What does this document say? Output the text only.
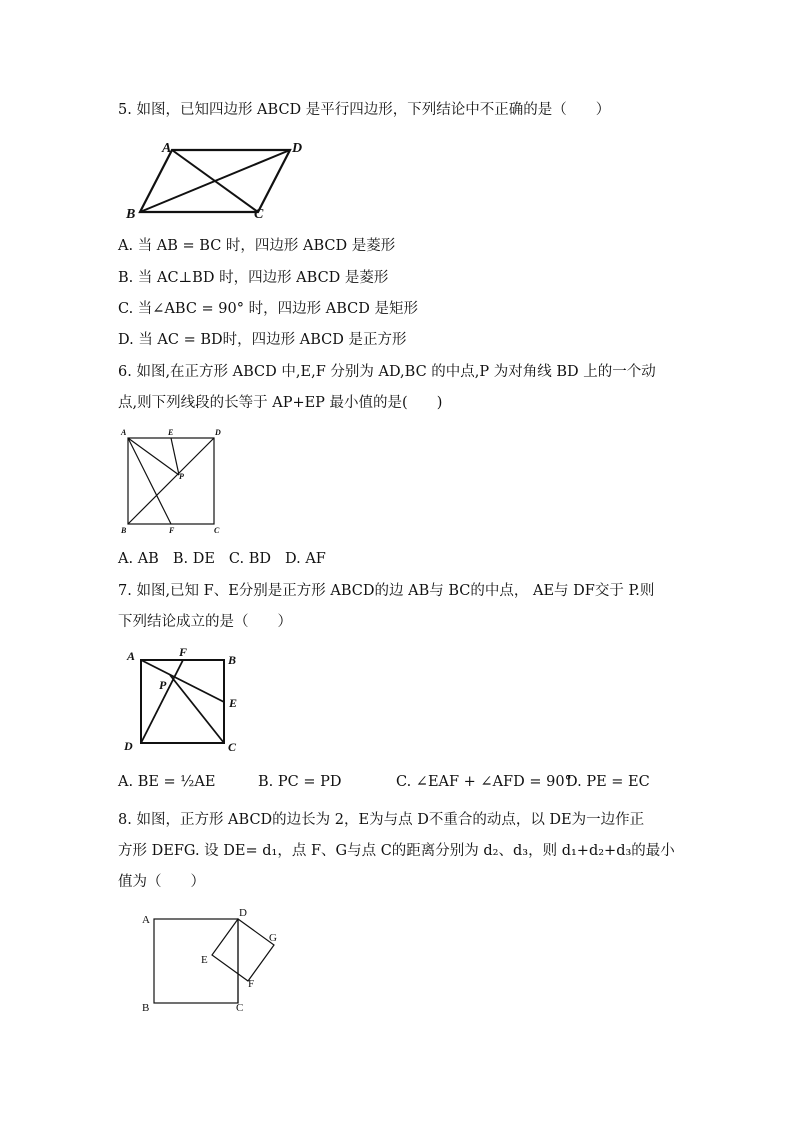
5. 如图，已知四边形 ABCD 是平行四边形，下列结论中不正确的是（　　）
A	D
B	C
A. 当 AB = BC 时，四边形 ABCD 是菱形
B. 当 AC⊥BD 时，四边形 ABCD 是菱形
C. 当∠ABC = 90° 时，四边形 ABCD 是矩形
D. 当 AC = BD时，四边形 ABCD 是正方形
6. 如图,在正方形 ABCD 中,E,F 分别为 AD,BC 的中点,P 为对角线 BD 上的一个动
点,则下列线段的长等于 AP+EP 最小值的是(　　)
A	E	D
P
B	F	C
A. AB B. DE C. BD D. AF
7. 如图,已知 F、E分别是正方形 ABCD的边 AB与 BC的中点， AE与 DF交于 P.则
下列结论成立的是（　　）
A	F
B
P
E
D	C
A. BE = ½AE	B. PC = PD	C. ∠EAF + ∠AFD = 90°
D. PE = EC
8. 如图，正方形 ABCD的边长为 2，E为与点 D不重合的动点，以 DE为一边作正
方形 DEFG. 设 DE= d₁，点 F、G与点 C的距离分别为 d₂、d₃，则 d₁+d₂+d₃的最小
值为（　　）
A
D
G
E
F
B	C
